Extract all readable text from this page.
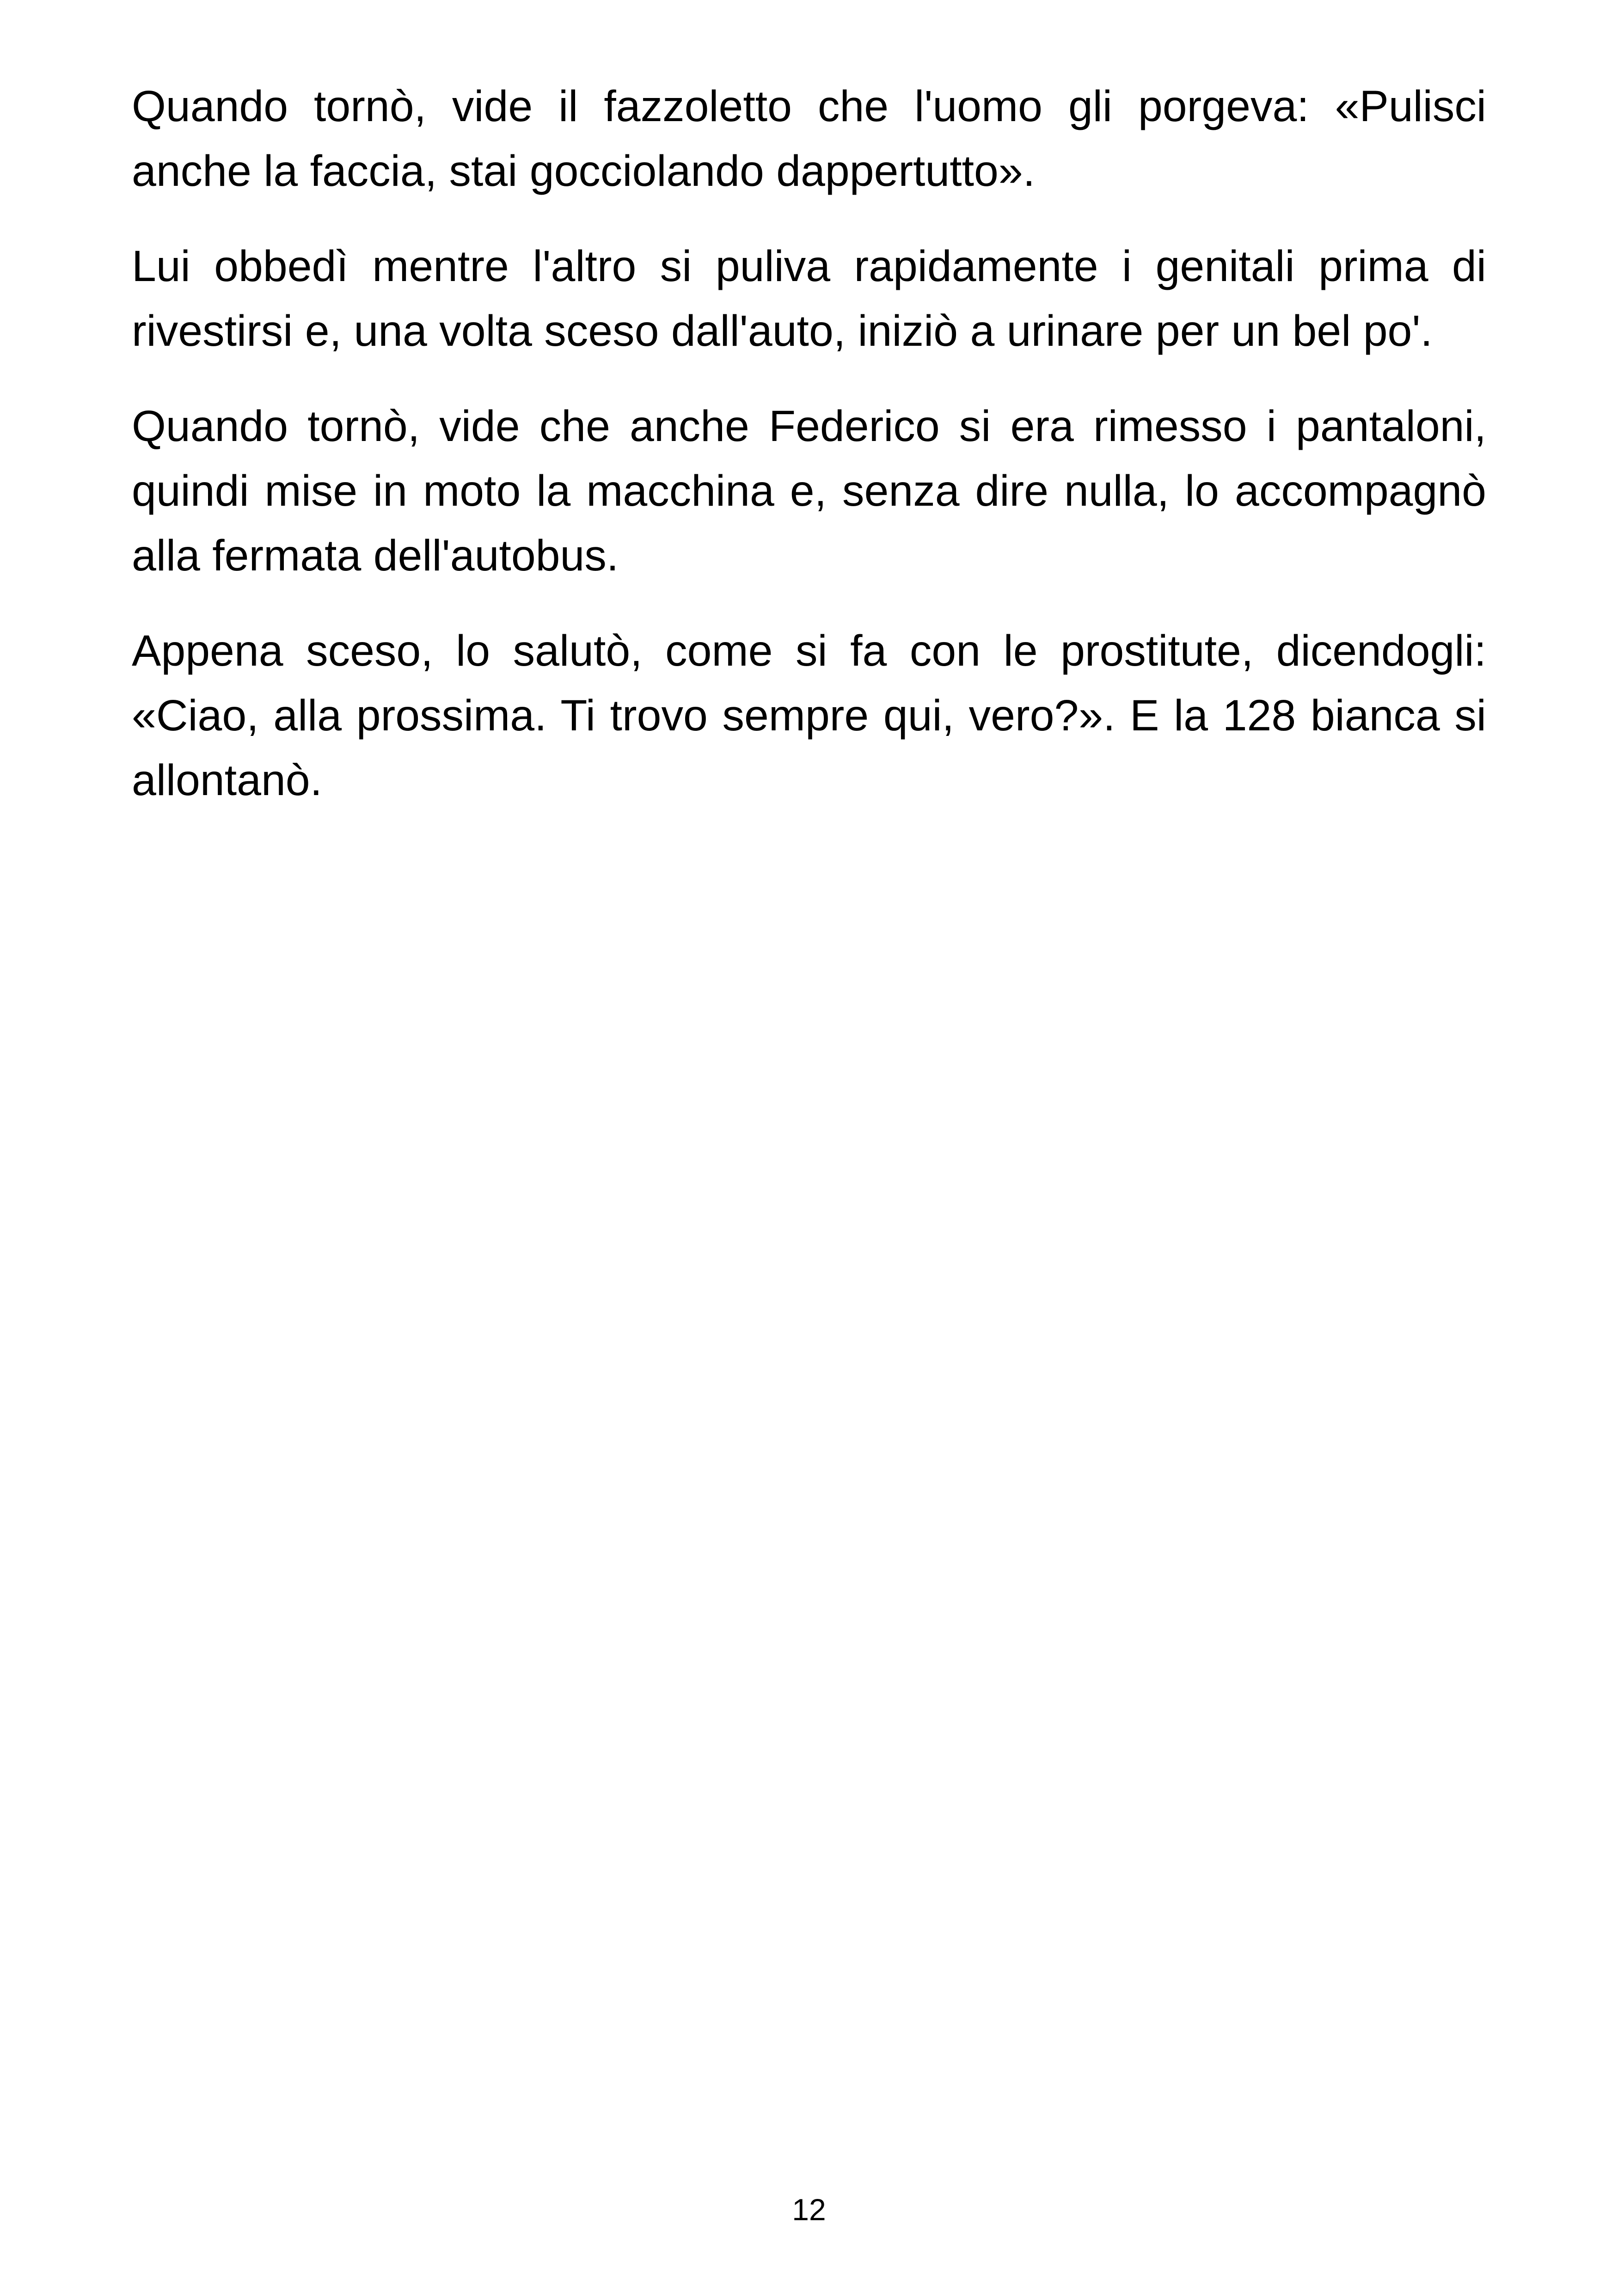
Quando tornò, vide il fazzoletto che l'uomo gli porgeva: «Pulisci anche la faccia, stai gocciolando dappertutto».

Lui obbedì mentre l'altro si puliva rapidamente i genitali prima di rivestirsi e, una volta sceso dall'auto, iniziò a urinare per un bel po'.

Quando tornò, vide che anche Federico si era rimesso i pantaloni, quindi mise in moto la macchina e, senza dire nulla, lo accompagnò alla fermata dell'autobus.

Appena sceso, lo salutò, come si fa con le prostitute, dicendogli: «Ciao, alla prossima. Ti trovo sempre qui, vero?». E la 128 bianca si allontanò.

12
